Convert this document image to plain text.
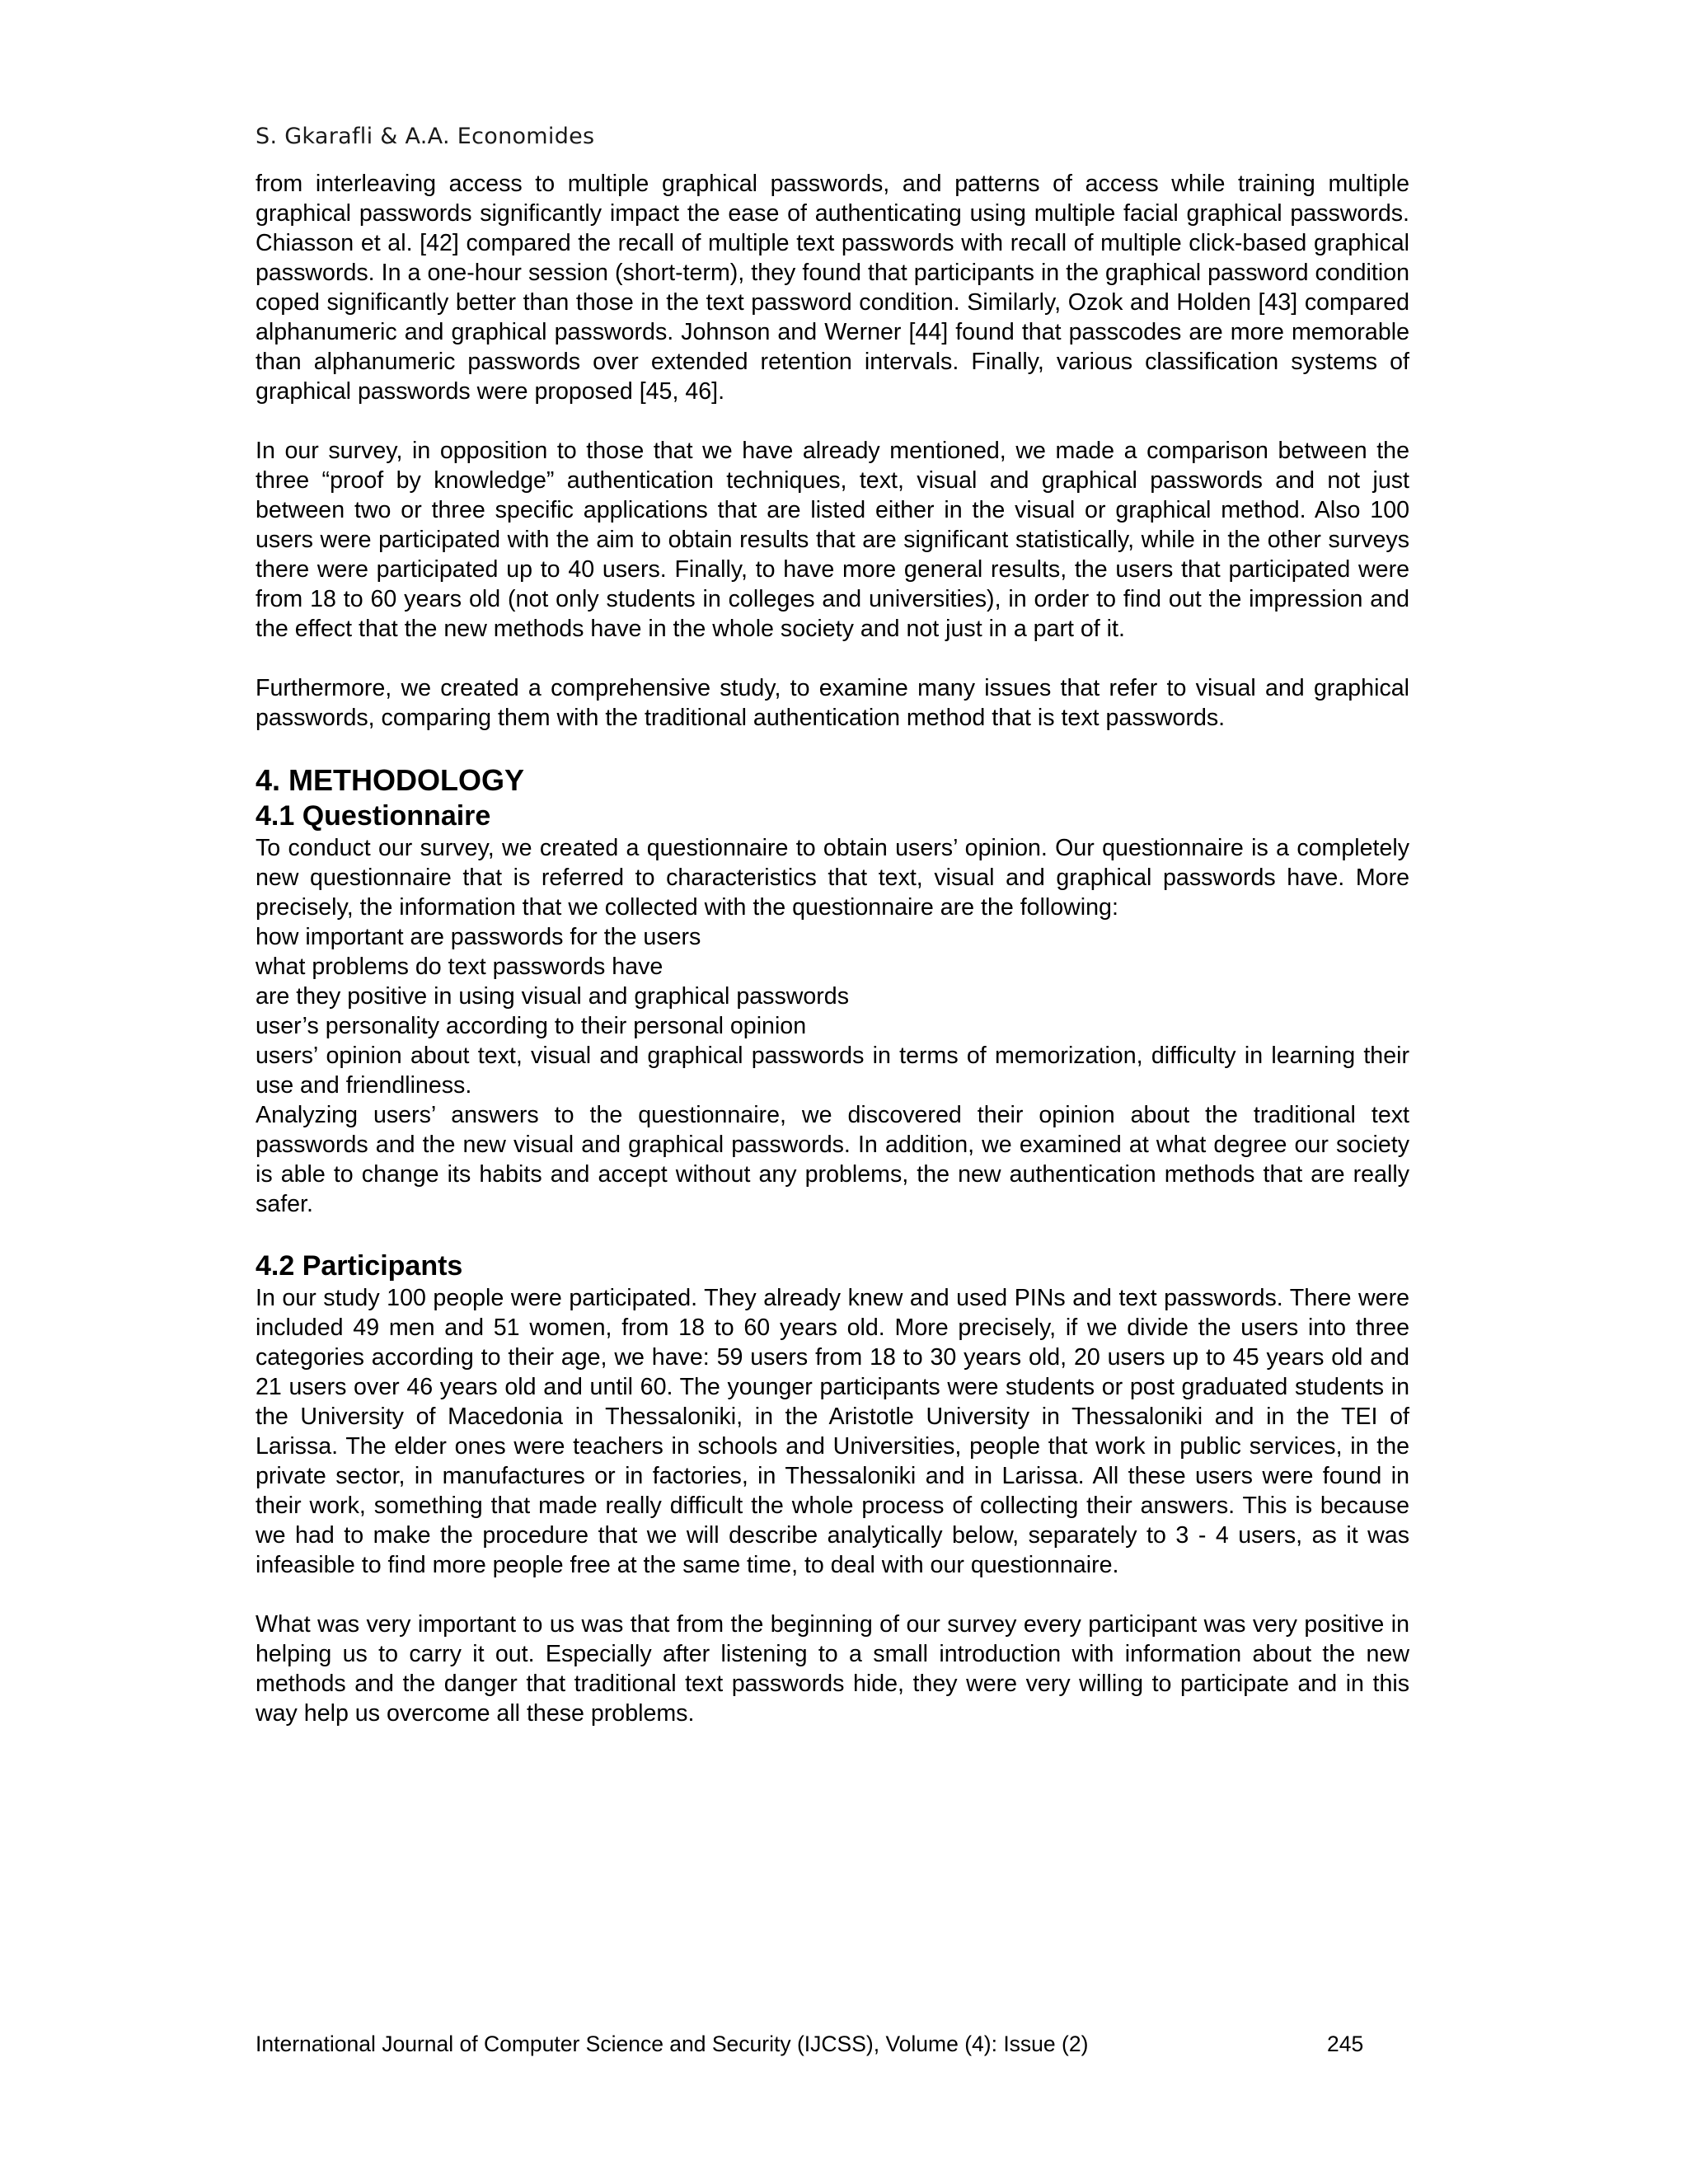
S. Gkarafli & A.A. Economides

from interleaving access to multiple graphical passwords, and patterns of access while training multiple graphical passwords significantly impact the ease of authenticating using multiple facial graphical passwords. Chiasson et al. [42] compared the recall of multiple text passwords with recall of multiple click-based graphical passwords. In a one-hour session (short-term), they found that participants in the graphical password condition coped significantly better than those in the text password condition. Similarly, Ozok and Holden [43] compared alphanumeric and graphical passwords. Johnson and Werner [44] found that passcodes are more memorable than alphanumeric passwords over extended retention intervals. Finally, various classification systems of graphical passwords were proposed [45, 46].

In our survey, in opposition to those that we have already mentioned, we made a comparison between the three “proof by knowledge” authentication techniques, text, visual and graphical passwords and not just between two or three specific applications that are listed either in the visual or graphical method. Also 100 users were participated with the aim to obtain results that are significant statistically, while in the other surveys there were participated up to 40 users. Finally, to have more general results, the users that participated were from 18 to 60 years old (not only students in colleges and universities), in order to find out the impression and the effect that the new methods have in the whole society and not just in a part of it.

Furthermore, we created a comprehensive study, to examine many issues that refer to visual and graphical passwords, comparing them with the traditional authentication method that is text passwords.

4. METHODOLOGY
4.1 Questionnaire

To conduct our survey, we created a questionnaire to obtain users’ opinion. Our questionnaire is a completely new questionnaire that is referred to characteristics that text, visual and graphical passwords have. More precisely, the information that we collected with the questionnaire are the following:

how important are passwords for the users
what problems do text passwords have
are they positive in using visual and graphical passwords
user’s personality according to their personal opinion
users’ opinion about text, visual and graphical passwords in terms of memorization, difficulty in learning their use and friendliness.

Analyzing users’ answers to the questionnaire, we discovered their opinion about the traditional text passwords and the new visual and graphical passwords. In addition, we examined at what degree our society is able to change its habits and accept without any problems, the new authentication methods that are really safer.

4.2 Participants

In our study 100 people were participated. They already knew and used PINs and text passwords. There were included 49 men and 51 women, from 18 to 60 years old. More precisely, if we divide the users into three categories according to their age, we have: 59 users from 18 to 30 years old, 20 users up to 45 years old and 21 users over 46 years old and until 60. The younger participants were students or post graduated students in the University of Macedonia in Thessaloniki, in the Aristotle University in Thessaloniki and in the TEI of Larissa. The elder ones were teachers in schools and Universities, people that work in public services, in the private sector, in manufactures or in factories, in Thessaloniki and in Larissa. All these users were found in their work, something that made really difficult the whole process of collecting their answers. This is because we had to make the procedure that we will describe analytically below, separately to 3 - 4 users, as it was infeasible to find more people free at the same time, to deal with our questionnaire.

What was very important to us was that from the beginning of our survey every participant was very positive in helping us to carry it out. Especially after listening to a small introduction with information about the new methods and the danger that traditional text passwords hide, they were very willing to participate and in this way help us overcome all these problems.

International Journal of Computer Science and Security (IJCSS), Volume (4): Issue (2)	245
